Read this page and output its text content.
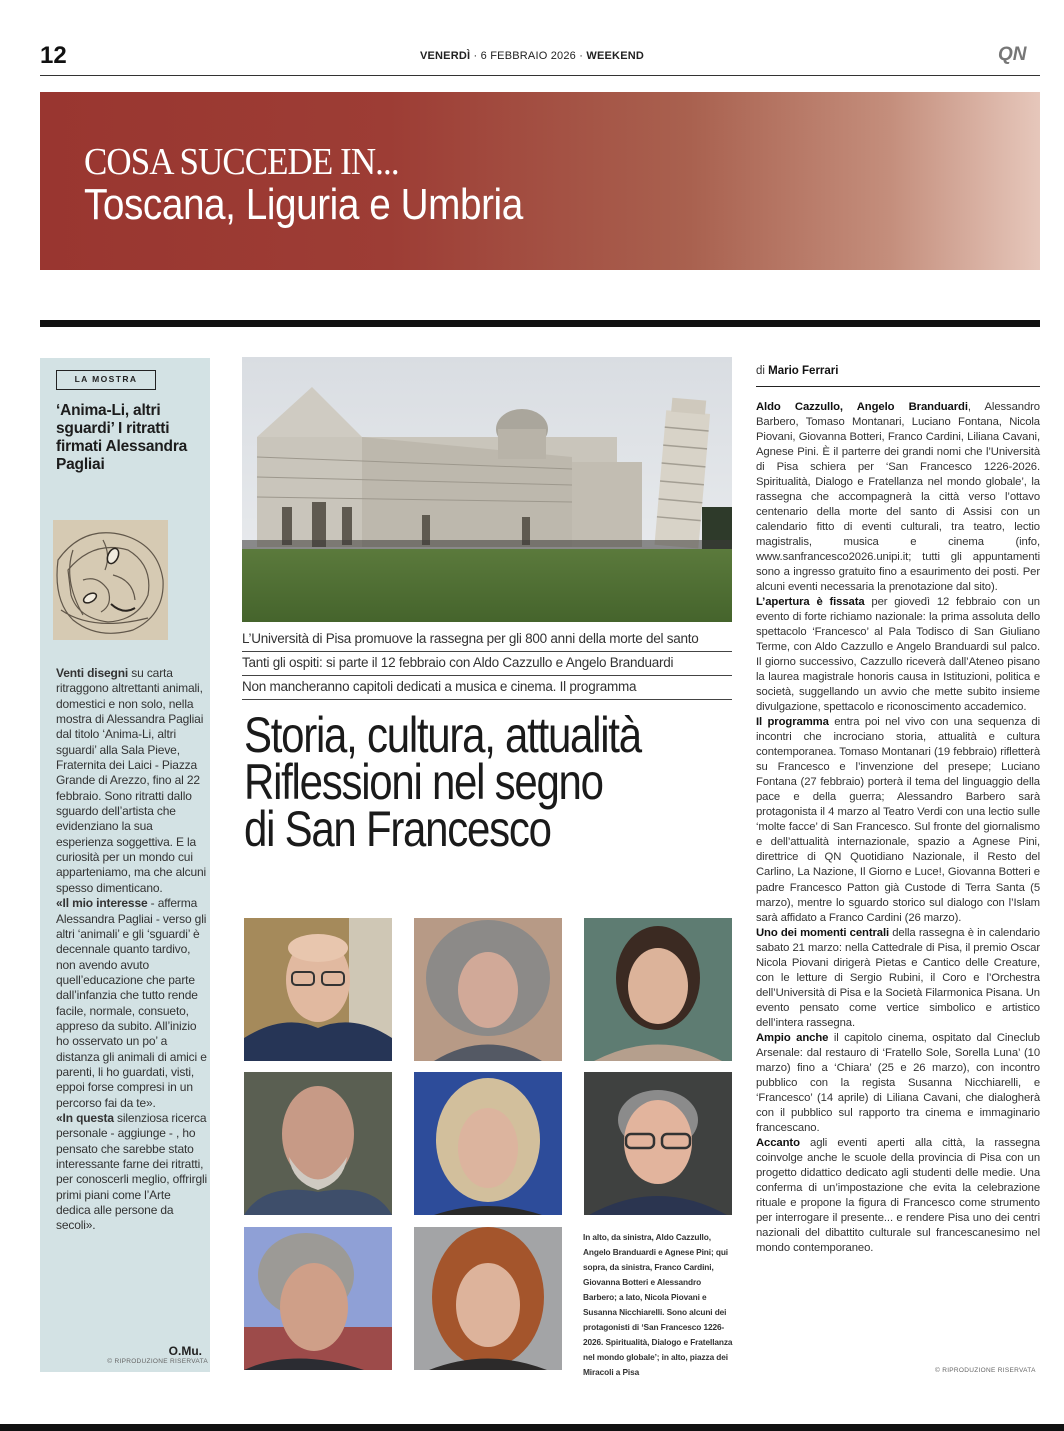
12	VENERDÌ · 6 FEBBRAIO 2026 · WEEKEND	QN
COSA SUCCEDE IN...
Toscana, Liguria e Umbria
LA MOSTRA
‘Anima-Li, altri sguardi’ I ritratti firmati Alessandra Pagliai

Venti disegni su carta ritraggono altrettanti animali, domestici e non solo, nella mostra di Alessandra Pagliai dal titolo ‘Anima-Li, altri sguardi’ alla Sala Pieve, Fraternita dei Laici - Piazza Grande di Arezzo, fino al 22 febbraio. Sono ritratti dallo sguardo dell’artista che evidenziano la sua esperienza soggettiva. E la curiosità per un mondo cui apparteniamo, ma che alcuni spesso dimenticano.

«Il mio interesse - afferma Alessandra Pagliai - verso gli altri ‘animali’ e gli ‘sguardi’ è decennale quanto tardivo, non avendo avuto quell’educazione che parte dall’infanzia che tutto rende facile, normale, consueto, appreso da subito. All’inizio ho osservato un po’ a distanza gli animali di amici e parenti, li ho guardati, visti, eppoi forse compresi in un percorso fai da te».

«In questa silenziosa ricerca personale - aggiunge - , ho pensato che sarebbe stato interessante farne dei ritratti, per conoscerli meglio, offrirgli primi piani come l’Arte dedica alle persone da secoli».

O.Mu.
© RIPRODUZIONE RISERVATA
L’Università di Pisa promuove la rassegna per gli 800 anni della morte del santo
Tanti gli ospiti: si parte il 12 febbraio con Aldo Cazzullo e Angelo Branduardi
Non mancheranno capitoli dedicati a musica e cinema. Il programma
Storia, cultura, attualità
Riflessioni nel segno
di San Francesco
In alto, da sinistra, Aldo Cazzullo, Angelo Branduardi e Agnese Pini; qui sopra, da sinistra, Franco Cardini, Giovanna Botteri e Alessandro Barbero; a lato, Nicola Piovani e Susanna Nicchiarelli. Sono alcuni dei protagonisti di ‘San Francesco 1226-2026. Spiritualità, Dialogo e Fratellanza nel mondo globale’; in alto, piazza dei Miracoli a Pisa
di Mario Ferrari

Aldo Cazzullo, Angelo Branduardi, Alessandro Barbero, Tomaso Montanari, Luciano Fontana, Nicola Piovani, Giovanna Botteri, Franco Cardini, Liliana Cavani, Agnese Pini. È il parterre dei grandi nomi che l’Università di Pisa schiera per ‘San Francesco 1226-2026. Spiritualità, Dialogo e Fratellanza nel mondo globale’, la rassegna che accompagnerà la città verso l’ottavo centenario della morte del santo di Assisi con un calendario fitto di eventi culturali, tra teatro, lectio magistralis, musica e cinema (info, www.sanfrancesco2026.unipi.it; tutti gli appuntamenti sono a ingresso gratuito fino a esaurimento dei posti. Per alcuni eventi necessaria la prenotazione dal sito).

L’apertura è fissata per giovedì 12 febbraio con un evento di forte richiamo nazionale: la prima assoluta dello spettacolo ‘Francesco’ al Pala Todisco di San Giuliano Terme, con Aldo Cazzullo e Angelo Branduardi sul palco. Il giorno successivo, Cazzullo riceverà dall’Ateneo pisano la laurea magistrale honoris causa in Istituzioni, politica e società, suggellando un avvio che mette subito insieme divulgazione, spettacolo e riconoscimento accademico.

Il programma entra poi nel vivo con una sequenza di incontri che incrociano storia, attualità e cultura contemporanea. Tomaso Montanari (19 febbraio) rifletterà su Francesco e l’invenzione del presepe; Luciano Fontana (27 febbraio) porterà il tema del linguaggio della pace e della guerra; Alessandro Barbero sarà protagonista il 4 marzo al Teatro Verdi con una lectio sulle ‘molte facce’ di San Francesco. Sul fronte del giornalismo e dell’attualità internazionale, spazio a Agnese Pini, direttrice di QN Quotidiano Nazionale, il Resto del Carlino, La Nazione, Il Giorno e Luce!, Giovanna Botteri e padre Francesco Patton già Custode di Terra Santa (5 marzo), mentre lo sguardo storico sul dialogo con l’Islam sarà affidato a Franco Cardini (26 marzo).

Uno dei momenti centrali della rassegna è in calendario sabato 21 marzo: nella Cattedrale di Pisa, il premio Oscar Nicola Piovani dirigerà Pietas e Cantico delle Creature, con le letture di Sergio Rubini, il Coro e l’Orchestra dell’Università di Pisa e la Società Filarmonica Pisana. Un evento pensato come vertice simbolico e artistico dell’intera rassegna.

Ampio anche il capitolo cinema, ospitato dal Cineclub Arsenale: dal restauro di ‘Fratello Sole, Sorella Luna’ (10 marzo) fino a ‘Chiara’ (25 e 26 marzo), con incontro pubblico con la regista Susanna Nicchiarelli, e ‘Francesco’ (14 aprile) di Liliana Cavani, che dialogherà con il pubblico sul rapporto tra cinema e immaginario francescano.

Accanto agli eventi aperti alla città, la rassegna coinvolge anche le scuole della provincia di Pisa con un progetto didattico dedicato agli studenti delle medie. Una conferma di un’impostazione che evita la celebrazione rituale e propone la figura di Francesco come strumento per interrogare il presente... e rendere Pisa uno dei centri nazionali del dibattito culturale sul francescanesimo nel mondo contemporaneo.

© RIPRODUZIONE RISERVATA
